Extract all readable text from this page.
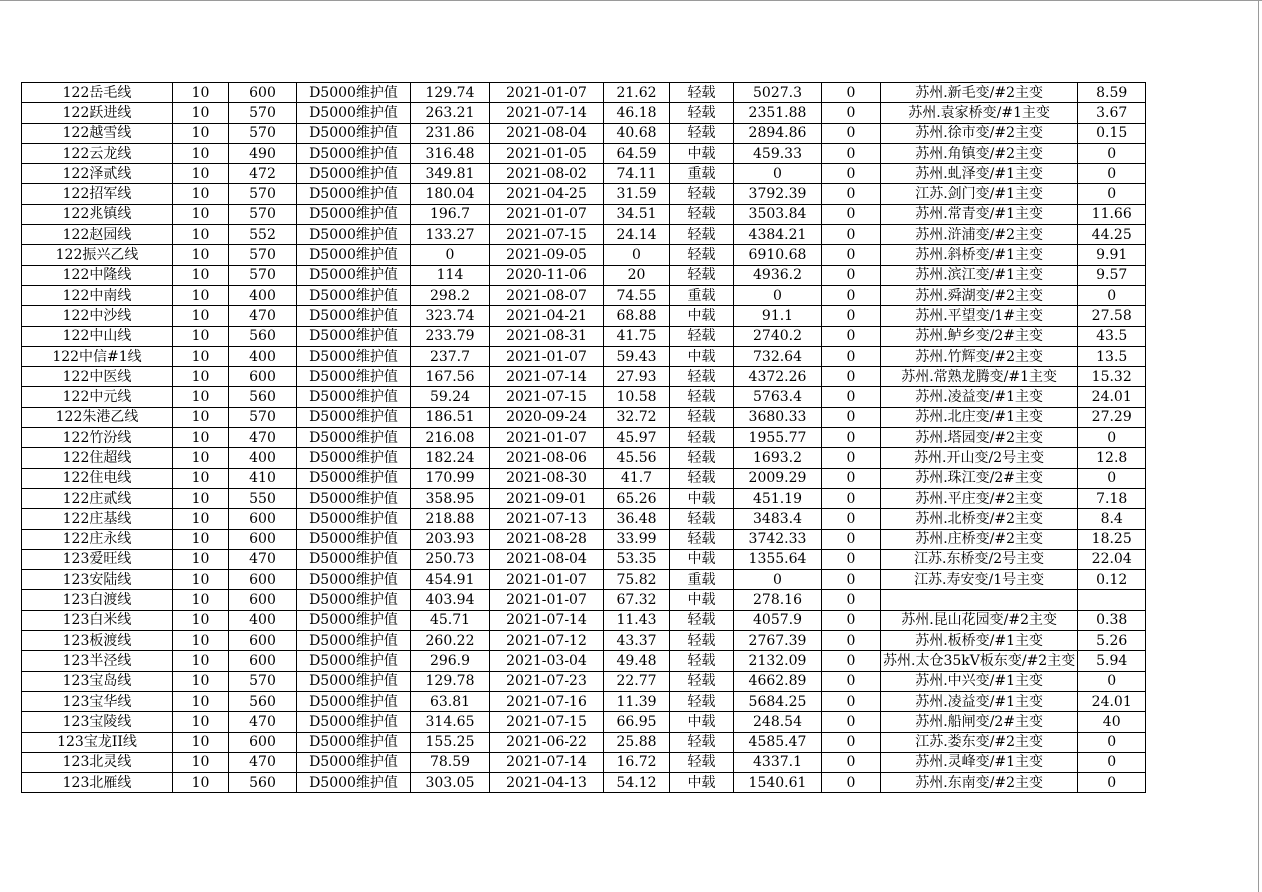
122岳毛线	10	600	D5000维护值	129.74	2021-01-07	21.62	轻载	5027.3	0	苏州.新毛变/#2主变	8.59
122跃进线	10	570	D5000维护值	263.21	2021-07-14	46.18	轻载	2351.88	0	苏州.袁家桥变/#1主变	3.67
122越雪线	10	570	D5000维护值	231.86	2021-08-04	40.68	轻载	2894.86	0	苏州.徐市变/#2主变	0.15
122云龙线	10	490	D5000维护值	316.48	2021-01-05	64.59	中载	459.33	0	苏州.角镇变/#2主变	0
122泽贰线	10	472	D5000维护值	349.81	2021-08-02	74.11	重载	0	0	苏州.虬泽变/#1主变	0
122招军线	10	570	D5000维护值	180.04	2021-04-25	31.59	轻载	3792.39	0	江苏.剑门变/#1主变	0
122兆镇线	10	570	D5000维护值	196.7	2021-01-07	34.51	轻载	3503.84	0	苏州.常青变/#1主变	11.66
122赵园线	10	552	D5000维护值	133.27	2021-07-15	24.14	轻载	4384.21	0	苏州.浒浦变/#2主变	44.25
122振兴乙线	10	570	D5000维护值	0	2021-09-05	0	轻载	6910.68	0	苏州.斜桥变/#1主变	9.91
122中隆线	10	570	D5000维护值	114	2020-11-06	20	轻载	4936.2	0	苏州.滨江变/#1主变	9.57
122中南线	10	400	D5000维护值	298.2	2021-08-07	74.55	重载	0	0	苏州.舜湖变/#2主变	0
122中沙线	10	470	D5000维护值	323.74	2021-04-21	68.88	中载	91.1	0	苏州.平望变/1#主变	27.58
122中山线	10	560	D5000维护值	233.79	2021-08-31	41.75	轻载	2740.2	0	苏州.鲈乡变/2#主变	43.5
122中信#1线	10	400	D5000维护值	237.7	2021-01-07	59.43	中载	732.64	0	苏州.竹辉变/#2主变	13.5
122中医线	10	600	D5000维护值	167.56	2021-07-14	27.93	轻载	4372.26	0	苏州.常熟龙腾变/#1主变	15.32
122中元线	10	560	D5000维护值	59.24	2021-07-15	10.58	轻载	5763.4	0	苏州.凌益变/#1主变	24.01
122朱港乙线	10	570	D5000维护值	186.51	2020-09-24	32.72	轻载	3680.33	0	苏州.北庄变/#1主变	27.29
122竹汾线	10	470	D5000维护值	216.08	2021-01-07	45.97	轻载	1955.77	0	苏州.塔园变/#2主变	0
122住超线	10	400	D5000维护值	182.24	2021-08-06	45.56	轻载	1693.2	0	苏州.开山变/2号主变	12.8
122住电线	10	410	D5000维护值	170.99	2021-08-30	41.7	轻载	2009.29	0	苏州.珠江变/2#主变	0
122庄贰线	10	550	D5000维护值	358.95	2021-09-01	65.26	中载	451.19	0	苏州.平庄变/#2主变	7.18
122庄基线	10	600	D5000维护值	218.88	2021-07-13	36.48	轻载	3483.4	0	苏州.北桥变/#2主变	8.4
122庄永线	10	600	D5000维护值	203.93	2021-08-28	33.99	轻载	3742.33	0	苏州.庄桥变/#2主变	18.25
123爱旺线	10	470	D5000维护值	250.73	2021-08-04	53.35	中载	1355.64	0	江苏.东桥变/2号主变	22.04
123安陆线	10	600	D5000维护值	454.91	2021-01-07	75.82	重载	0	0	江苏.寿安变/1号主变	0.12
123白渡线	10	600	D5000维护值	403.94	2021-01-07	67.32	中载	278.16	0		
123白米线	10	400	D5000维护值	45.71	2021-07-14	11.43	轻载	4057.9	0	苏州.昆山花园变/#2主变	0.38
123板渡线	10	600	D5000维护值	260.22	2021-07-12	43.37	轻载	2767.39	0	苏州.板桥变/#1主变	5.26
123半泾线	10	600	D5000维护值	296.9	2021-03-04	49.48	轻载	2132.09	0	苏州.太仓35kV板东变/#2主变	5.94
123宝岛线	10	570	D5000维护值	129.78	2021-07-23	22.77	轻载	4662.89	0	苏州.中兴变/#1主变	0
123宝华线	10	560	D5000维护值	63.81	2021-07-16	11.39	轻载	5684.25	0	苏州.凌益变/#1主变	24.01
123宝陵线	10	470	D5000维护值	314.65	2021-07-15	66.95	中载	248.54	0	苏州.船闸变/2#主变	40
123宝龙II线	10	600	D5000维护值	155.25	2021-06-22	25.88	轻载	4585.47	0	江苏.娄东变/#2主变	0
123北灵线	10	470	D5000维护值	78.59	2021-07-14	16.72	轻载	4337.1	0	苏州.灵峰变/#1主变	0
123北雁线	10	560	D5000维护值	303.05	2021-04-13	54.12	中载	1540.61	0	苏州.东南变/#2主变	0
